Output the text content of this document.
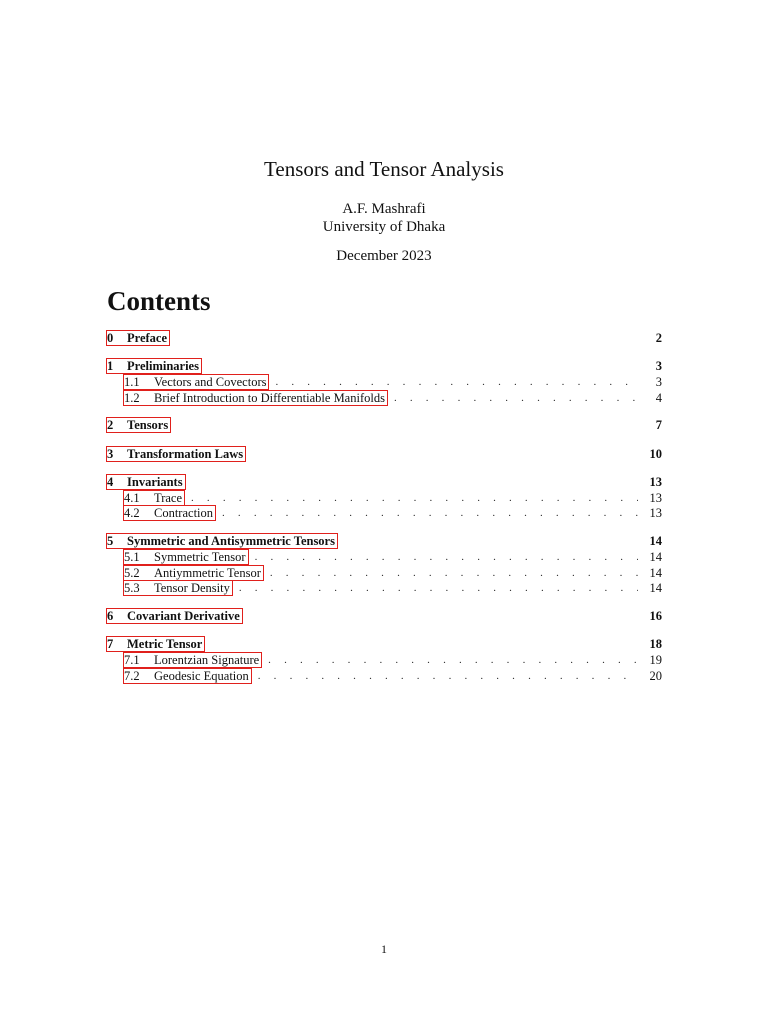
Tensors and Tensor Analysis
A.F. Mashrafi
University of Dhaka
December 2023
Contents
0	Preface	2
1	Preliminaries	3
1.1	Vectors and Covectors . . .	3
1.2	Brief Introduction to Differentiable Manifolds . . .	4
2	Tensors	7
3	Transformation Laws	10
4	Invariants	13
4.1	Trace . . .	13
4.2	Contraction . . .	13
5	Symmetric and Antisymmetric Tensors	14
5.1	Symmetric Tensor . . .	14
5.2	Antiymmetric Tensor . . .	14
5.3	Tensor Density . . .	14
6	Covariant Derivative	16
7	Metric Tensor	18
7.1	Lorentzian Signature . . .	19
7.2	Geodesic Equation . . .	20
1
